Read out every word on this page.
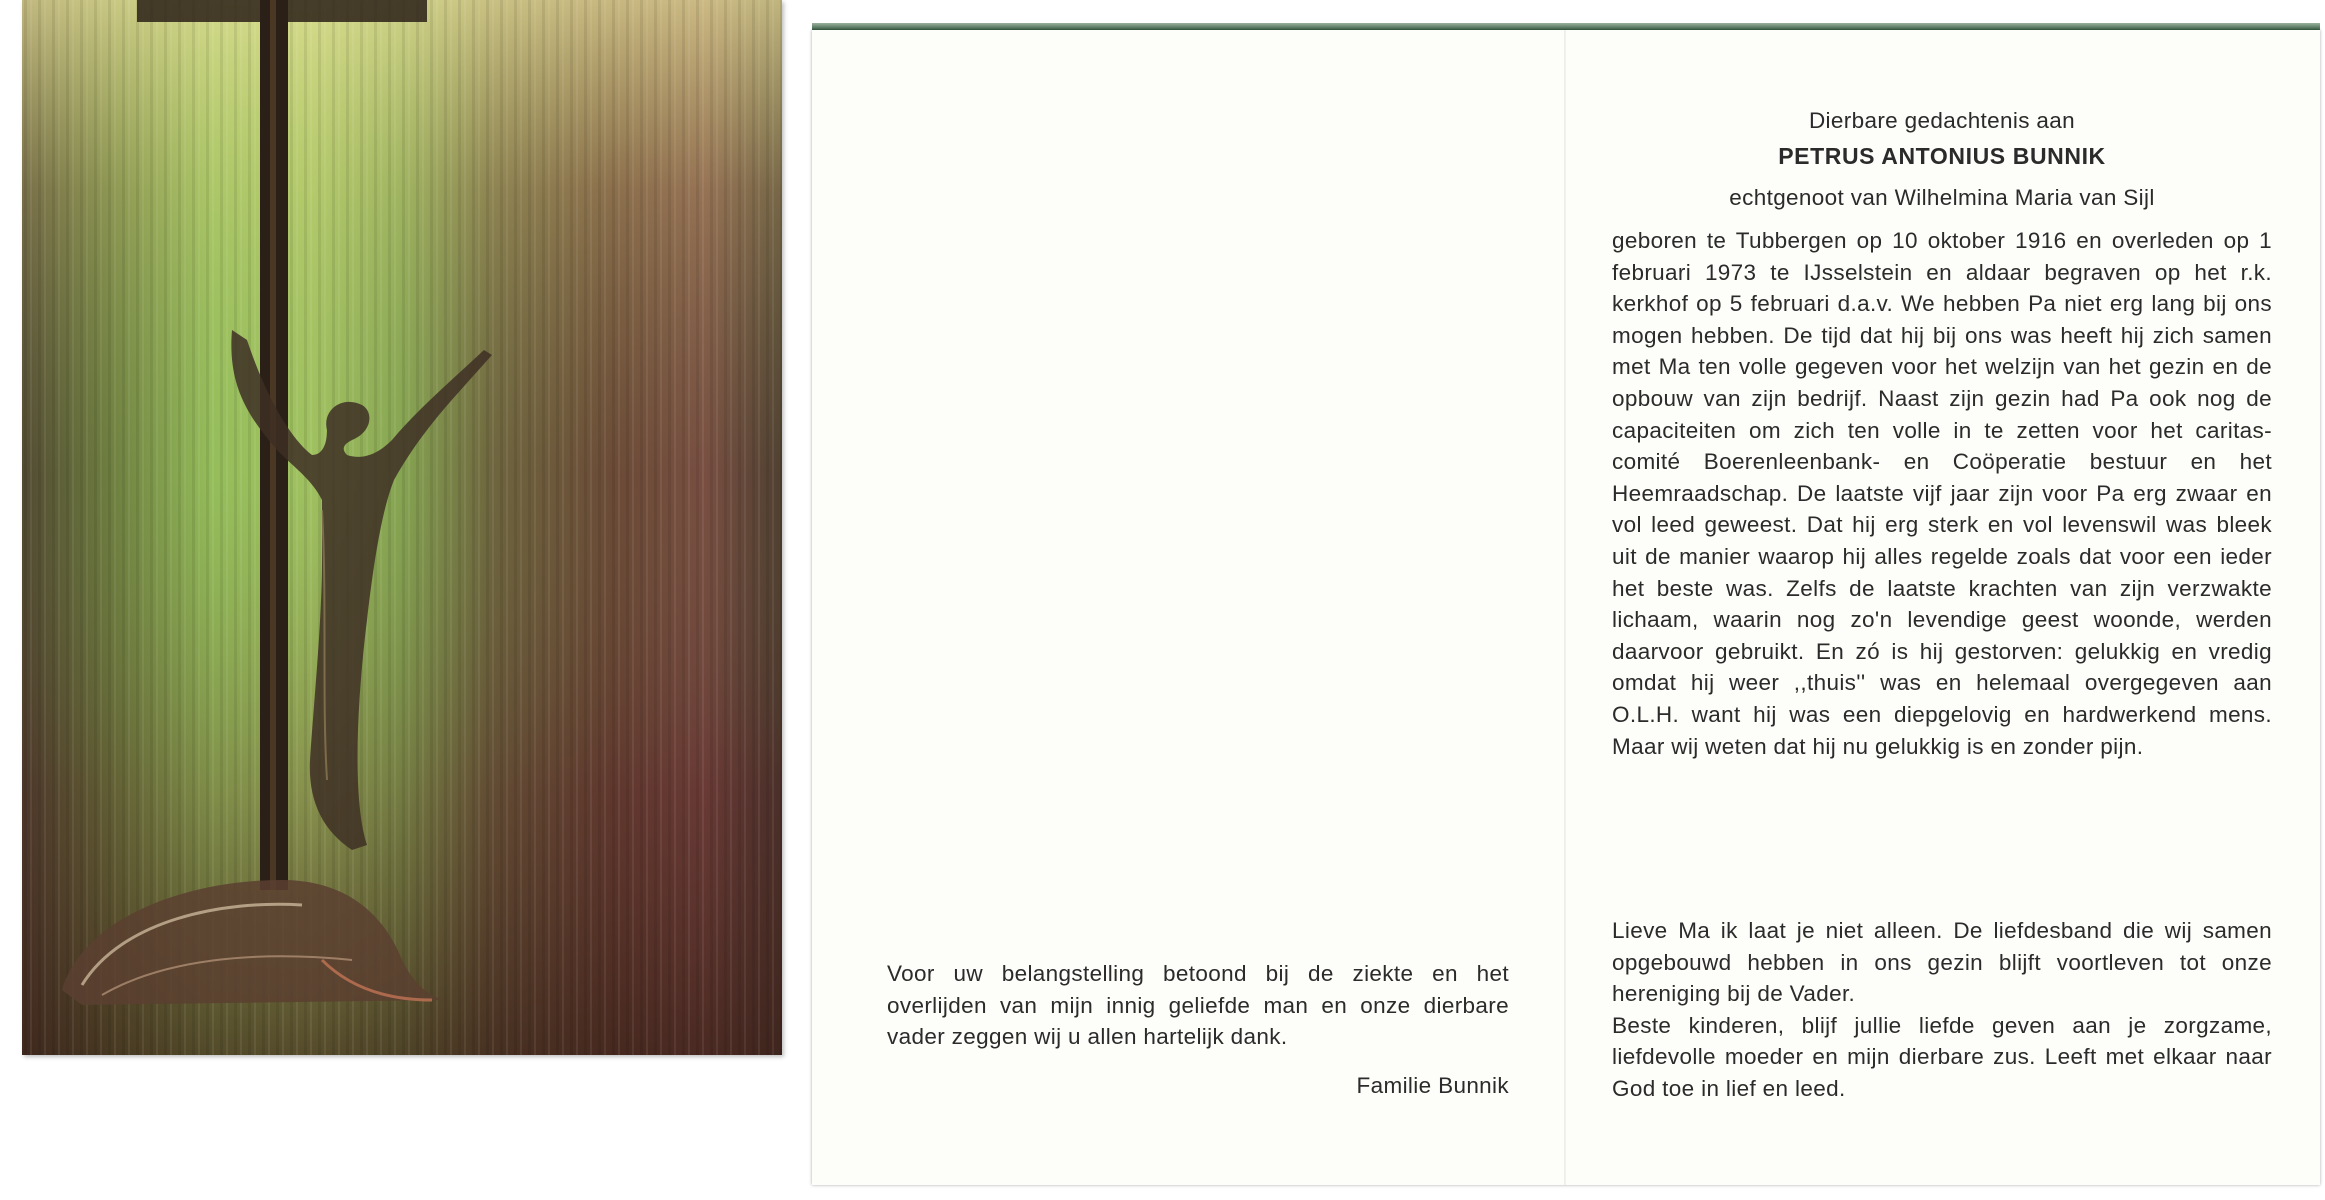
Voor uw belangstelling betoond bij de ziekte en het overlijden van mijn innig geliefde man en onze dierbare vader zeggen wij u allen hartelijk dank.
Familie Bunnik
Dierbare gedachtenis aan
PETRUS ANTONIUS BUNNIK
echtgenoot van Wilhelmina Maria van Sijl
geboren te Tubbergen op 10 oktober 1916 en overleden op 1 februari 1973 te IJsselstein en aldaar begraven op het r.k. kerkhof op 5 februari d.a.v. We hebben Pa niet erg lang bij ons mogen hebben. De tijd dat hij bij ons was heeft hij zich samen met Ma ten volle gegeven voor het welzijn van het gezin en de opbouw van zijn bedrijf. Naast zijn gezin had Pa ook nog de capaciteiten om zich ten volle in te zetten voor het caritas-comité Boerenleenbank- en Coöperatie bestuur en het Heemraadschap. De laatste vijf jaar zijn voor Pa erg zwaar en vol leed geweest. Dat hij erg sterk en vol levenswil was bleek uit de manier waarop hij alles regelde zoals dat voor een ieder het beste was. Zelfs de laatste krachten van zijn verzwakte lichaam, waarin nog zo'n levendige geest woonde, werden daarvoor gebruikt. En zó is hij gestorven: gelukkig en vredig omdat hij weer ,,thuis'' was en helemaal overgegeven aan O.L.H. want hij was een diepgelovig en hardwerkend mens. Maar wij weten dat hij nu gelukkig is en zonder pijn.

Lieve Ma ik laat je niet alleen. De liefdesband die wij samen opgebouwd hebben in ons gezin blijft voortleven tot onze hereniging bij de Vader.

Beste kinderen, blijf jullie liefde geven aan je zorgzame, liefdevolle moeder en mijn dierbare zus. Leeft met elkaar naar God toe in lief en leed.
